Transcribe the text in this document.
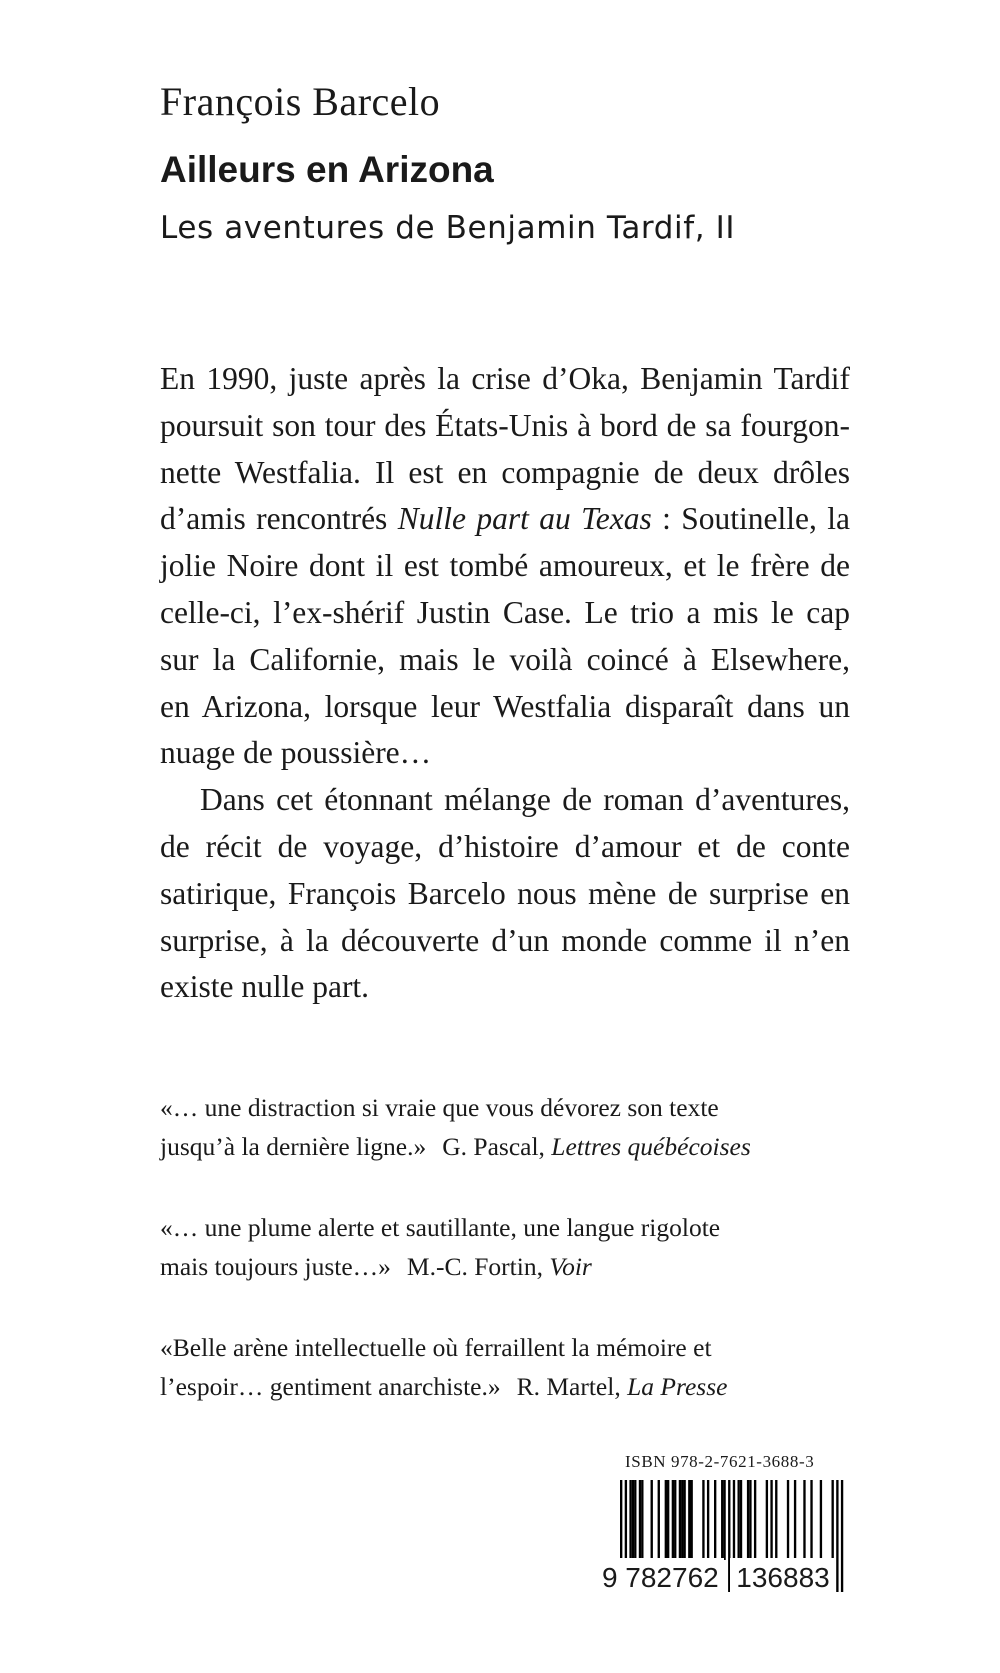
François Barcelo
Ailleurs en Arizona
Les aventures de Benjamin Tardif, II
En 1990, juste après la crise d’Oka, Benjamin Tardif
poursuit son tour des États-Unis à bord de sa fourgon-
nette Westfalia. Il est en compagnie de deux drôles
d’amis rencontrés Nulle part au Texas : Soutinelle, la
jolie Noire dont il est tombé amoureux, et le frère de
celle-ci, l’ex-shérif Justin Case. Le trio a mis le cap
sur la Californie, mais le voilà coincé à Elsewhere,
en Arizona, lorsque leur Westfalia disparaît dans un
nuage de poussière…
Dans cet étonnant mélange de roman d’aventures,
de récit de voyage, d’histoire d’amour et de conte
satirique, François Barcelo nous mène de surprise en
surprise, à la découverte d’un monde comme il n’en
existe nulle part.
«… une distraction si vraie que vous dévorez son texte
jusqu’à la dernière ligne.» G. Pascal, Lettres québécoises
«… une plume alerte et sautillante, une langue rigolote
mais toujours juste…» M.-C. Fortin, Voir
«Belle arène intellectuelle où ferraillent la mémoire et
l’espoir… gentiment anarchiste.» R. Martel, La Presse
ISBN 978-2-7621-3688-3
9 782762 136883
